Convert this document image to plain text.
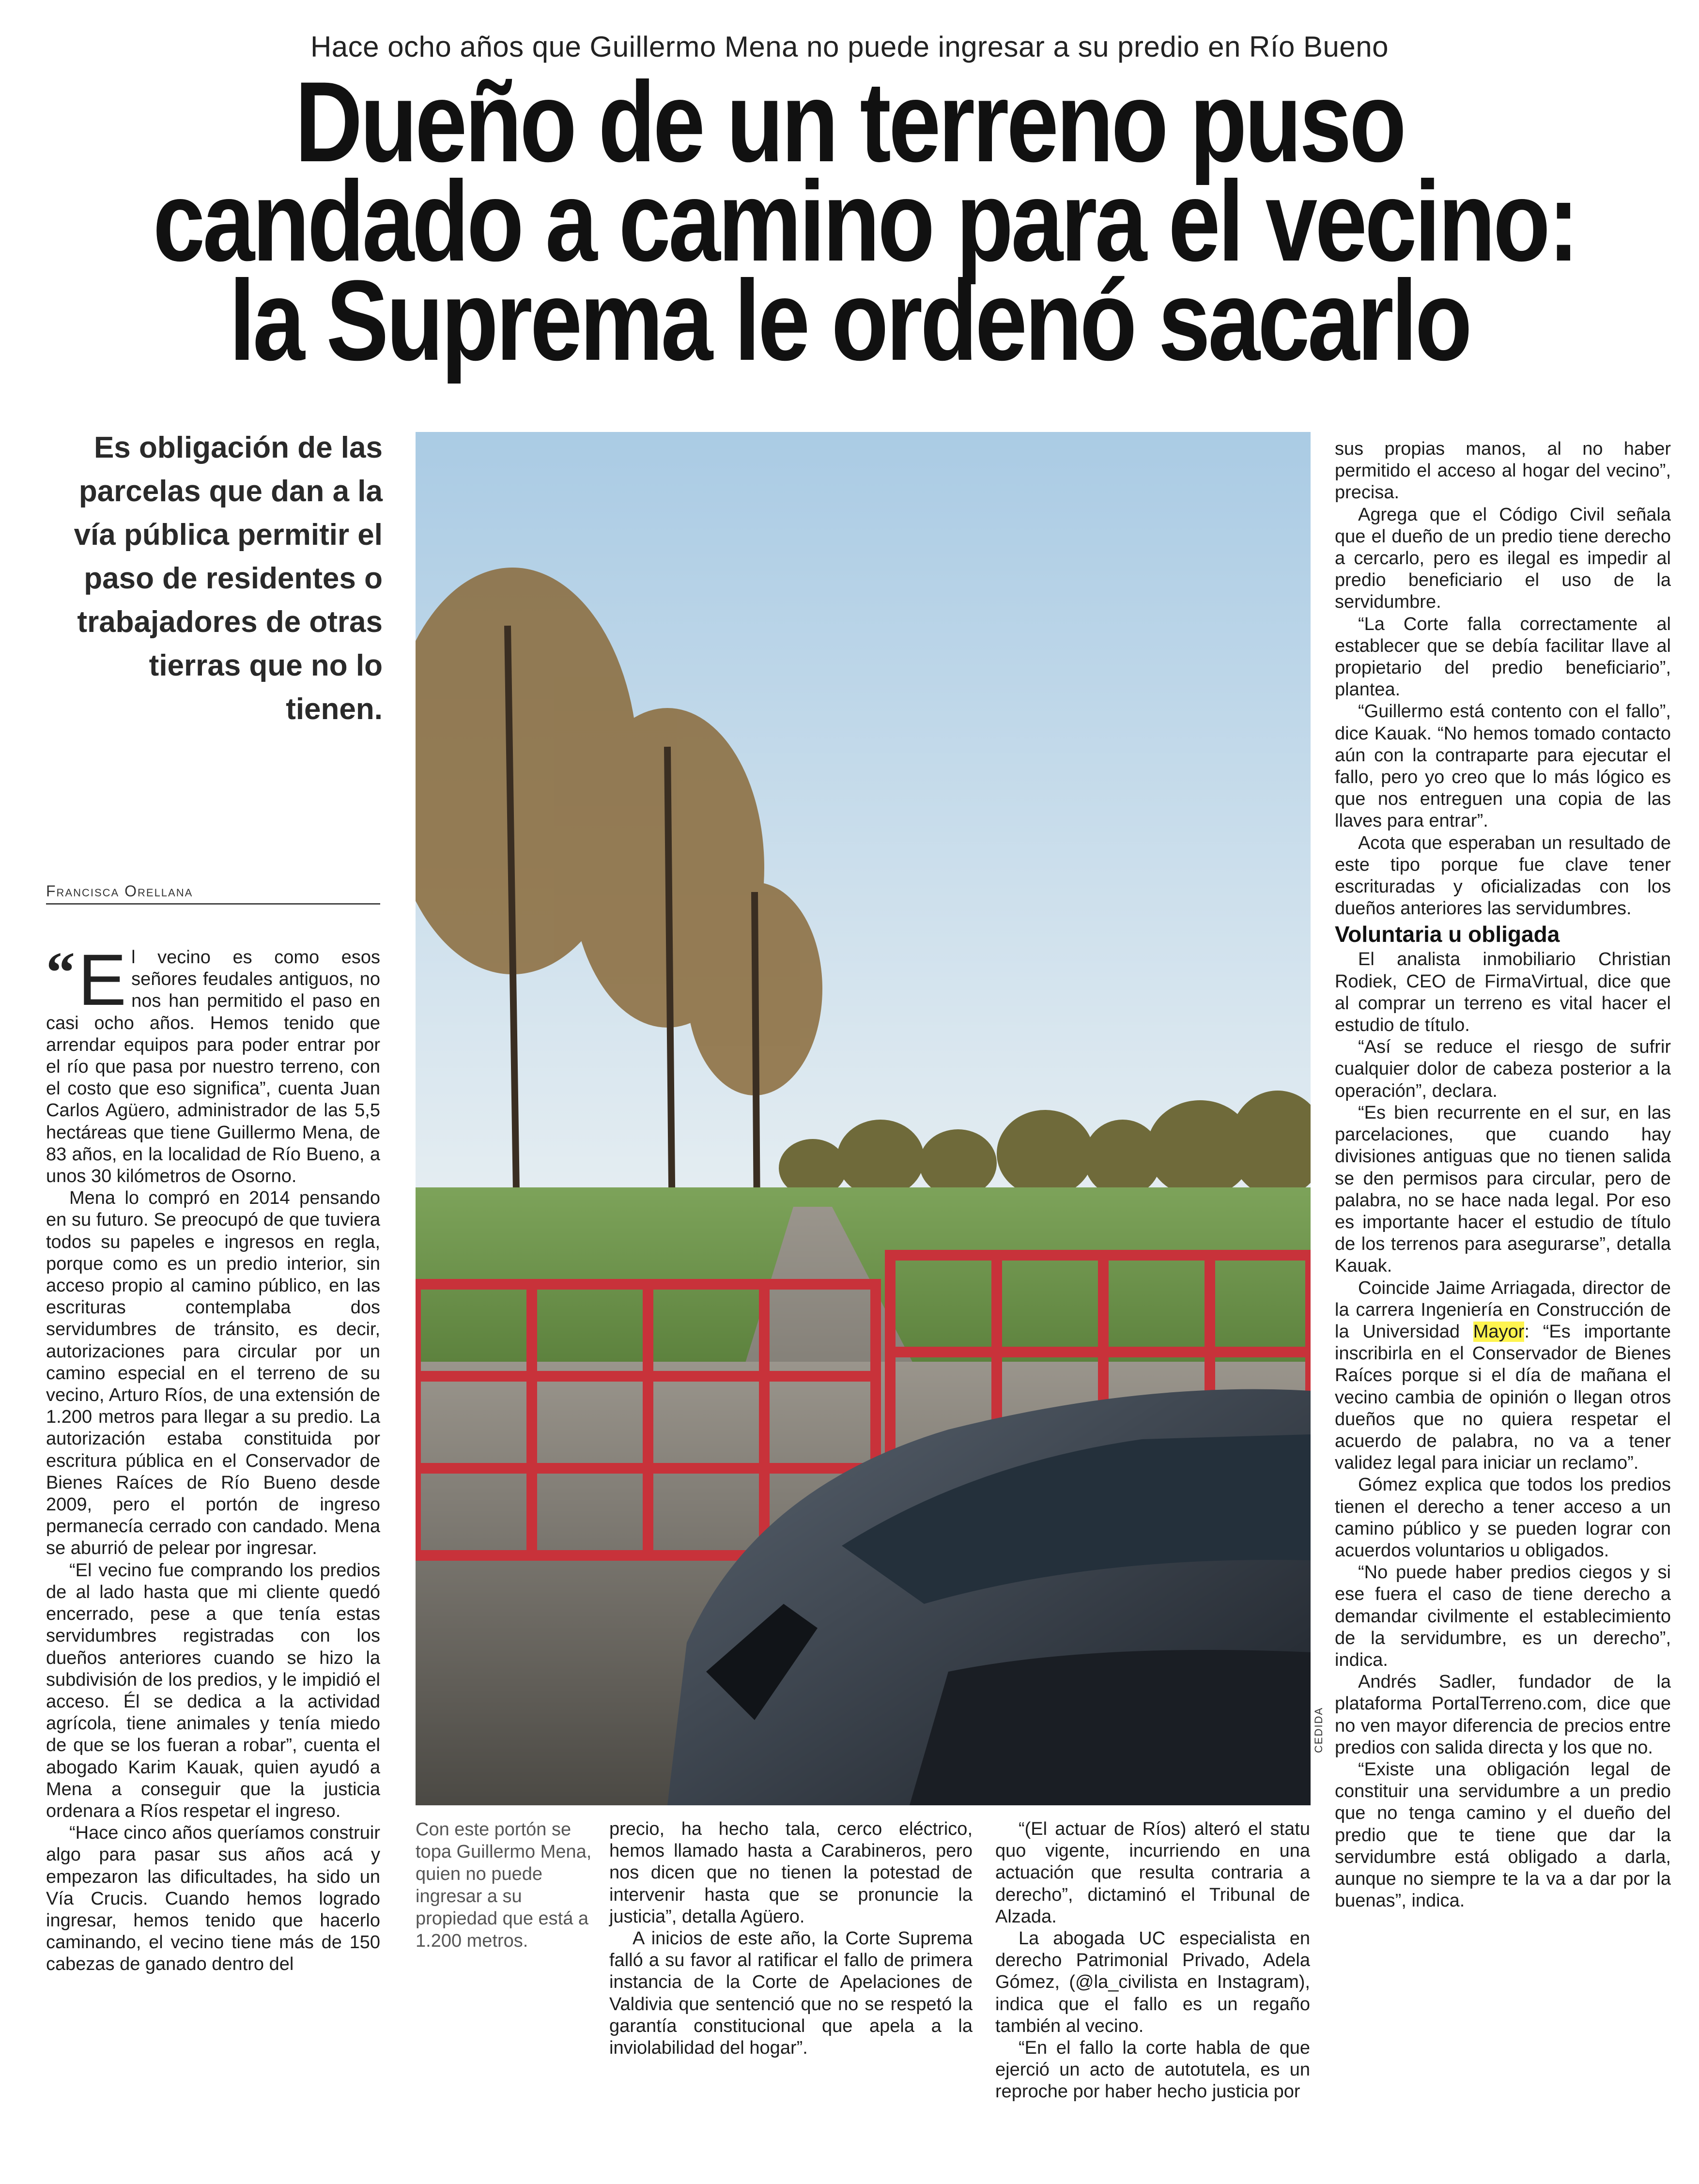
Hace ocho años que Guillermo Mena no puede ingresar a su predio en Río Bueno
Dueño de un terreno puso
candado a camino para el vecino:
la Suprema le ordenó sacarlo
Es obligación de las parcelas que dan a la vía pública permitir el paso de residentes o trabajadores de otras tierras que no lo tienen.
Francisca Orellana

“ E l vecino es como esos señores feudales antiguos, no nos han permitido el paso en casi ocho años. Hemos tenido que arrendar equipos para poder entrar por el río que pasa por nuestro terreno, con el costo que eso significa”, cuenta Juan Carlos Agüero, administrador de las 5,5 hectáreas que tiene Guillermo Mena, de 83 años, en la localidad de Río Bueno, a unos 30 kilómetros de Osorno.

Mena lo compró en 2014 pensando en su futuro. Se preocupó de que tuviera todos su papeles e ingresos en regla, porque como es un predio interior, sin acceso propio al camino público, en las escrituras contemplaba dos servidumbres de tránsito, es decir, autorizaciones para circular por un camino especial en el terreno de su vecino, Arturo Ríos, de una extensión de 1.200 metros para llegar a su predio. La autorización estaba constituida por escritura pública en el Conservador de Bienes Raíces de Río Bueno desde 2009, pero el portón de ingreso permanecía cerrado con candado. Mena se aburrió de pelear por ingresar.

“El vecino fue comprando los predios de al lado hasta que mi cliente quedó encerrado, pese a que tenía estas servidumbres registradas con los dueños anteriores cuando se hizo la subdivisión de los predios, y le impidió el acceso. Él se dedica a la actividad agrícola, tiene animales y tenía miedo de que se los fueran a robar”, cuenta el abogado Karim Kauak, quien ayudó a Mena a conseguir que la justicia ordenara a Ríos respetar el ingreso.

“Hace cinco años queríamos construir algo para pasar sus años acá y empezaron las dificultades, ha sido un Vía Crucis. Cuando hemos logrado ingresar, hemos tenido que hacerlo caminando, el vecino tiene más de 150 cabezas de ganado dentro del

CEDIDA
Con este portón se topa Guillermo Mena, quien no puede ingresar a su propiedad que está a 1.200 metros.

precio, ha hecho tala, cerco eléctrico, hemos llamado hasta a Carabineros, pero nos dicen que no tienen la potestad de intervenir hasta que se pronuncie la justicia”, detalla Agüero.

A inicios de este año, la Corte Suprema falló a su favor al ratificar el fallo de primera instancia de la Corte de Apelaciones de Valdivia que sentenció que no se respetó la garantía constitucional que apela a la inviolabilidad del hogar”.

“(El actuar de Ríos) alteró el statu quo vigente, incurriendo en una actuación que resulta contraria a derecho”, dictaminó el Tribunal de Alzada.

La abogada UC especialista en derecho Patrimonial Privado, Adela Gómez, (@la_civilista en Instagram), indica que el fallo es un regaño también al vecino.

“En el fallo la corte habla de que ejerció un acto de autotutela, es un reproche por haber hecho justicia por

sus propias manos, al no haber permitido el acceso al hogar del vecino”, precisa.

Agrega que el Código Civil señala que el dueño de un predio tiene derecho a cercarlo, pero es ilegal es impedir al predio beneficiario el uso de la servidumbre.

“La Corte falla correctamente al establecer que se debía facilitar llave al propietario del predio beneficiario”, plantea.

“Guillermo está contento con el fallo”, dice Kauak. “No hemos tomado contacto aún con la contraparte para ejecutar el fallo, pero yo creo que lo más lógico es que nos entreguen una copia de las llaves para entrar”.

Acota que esperaban un resultado de este tipo porque fue clave tener escrituradas y oficializadas con los dueños anteriores las servidumbres.

Voluntaria u obligada

El analista inmobiliario Christian Rodiek, CEO de FirmaVirtual, dice que al comprar un terreno es vital hacer el estudio de título.

“Así se reduce el riesgo de sufrir cualquier dolor de cabeza posterior a la operación”, declara.

“Es bien recurrente en el sur, en las parcelaciones, que cuando hay divisiones antiguas que no tienen salida se den permisos para circular, pero de palabra, no se hace nada legal. Por eso es importante hacer el estudio de título de los terrenos para asegurarse”, detalla Kauak.

Coincide Jaime Arriagada, director de la carrera Ingeniería en Construcción de la Universidad Mayor: “Es importante inscribirla en el Conservador de Bienes Raíces porque si el día de mañana el vecino cambia de opinión o llegan otros dueños que no quiera respetar el acuerdo de palabra, no va a tener validez legal para iniciar un reclamo”.

Gómez explica que todos los predios tienen el derecho a tener acceso a un camino público y se pueden lograr con acuerdos voluntarios u obligados.

“No puede haber predios ciegos y si ese fuera el caso de tiene derecho a demandar civilmente el establecimiento de la servidumbre, es un derecho”, indica.

Andrés Sadler, fundador de la plataforma PortalTerreno.com, dice que no ven mayor diferencia de precios entre predios con salida directa y los que no.

“Existe una obligación legal de constituir una servidumbre a un predio que no tenga camino y el dueño del predio que te tiene que dar la servidumbre está obligado a darla, aunque no siempre te la va a dar por la buenas”, indica.
